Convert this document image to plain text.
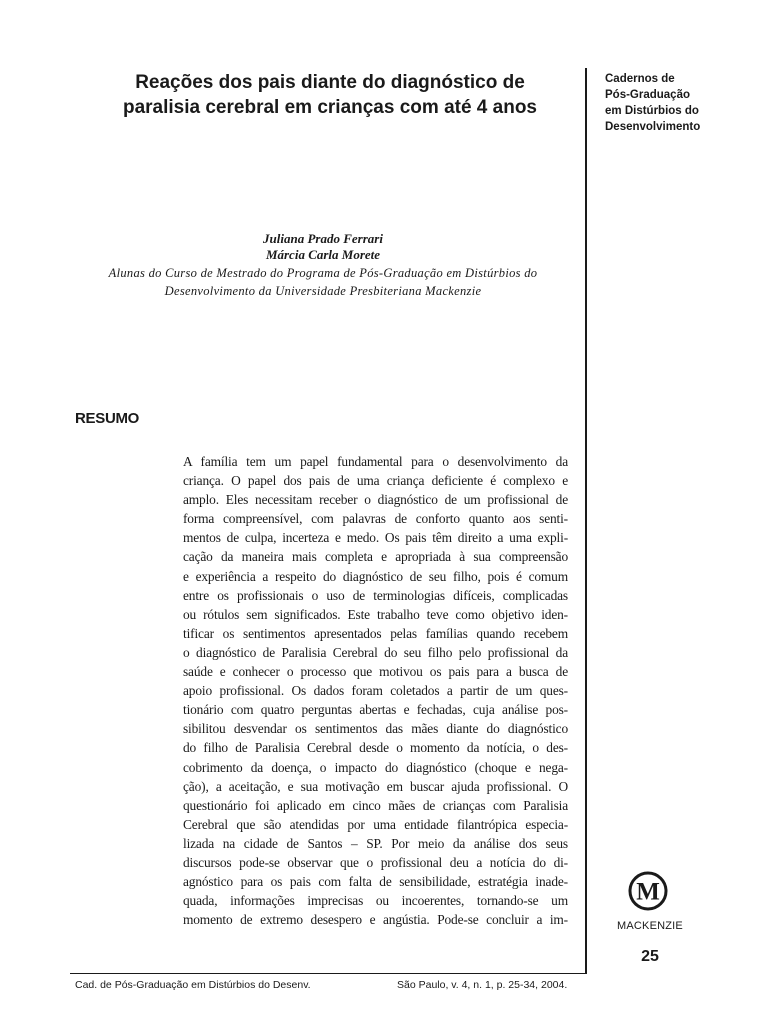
Reações dos pais diante do diagnóstico de
paralisia cerebral em crianças com até 4 anos
Cadernos de
Pós-Graduação
em Distúrbios do
Desenvolvimento
Juliana Prado Ferrari
Márcia Carla Morete
Alunas do Curso de Mestrado do Programa de Pós-Graduação em Distúrbios do
Desenvolvimento da Universidade Presbiteriana Mackenzie
RESUMO
A família tem um papel fundamental para o desenvolvimento da
criança. O papel dos pais de uma criança deficiente é complexo e
amplo. Eles necessitam receber o diagnóstico de um profissional de
forma compreensível, com palavras de conforto quanto aos senti-
mentos de culpa, incerteza e medo. Os pais têm direito a uma expli-
cação da maneira mais completa e apropriada à sua compreensão
e experiência a respeito do diagnóstico de seu filho, pois é comum
entre os profissionais o uso de terminologias difíceis, complicadas
ou rótulos sem significados. Este trabalho teve como objetivo iden-
tificar os sentimentos apresentados pelas famílias quando recebem
o diagnóstico de Paralisia Cerebral do seu filho pelo profissional da
saúde e conhecer o processo que motivou os pais para a busca de
apoio profissional. Os dados foram coletados a partir de um ques-
tionário com quatro perguntas abertas e fechadas, cuja análise pos-
sibilitou desvendar os sentimentos das mães diante do diagnóstico
do filho de Paralisia Cerebral desde o momento da notícia, o des-
cobrimento da doença, o impacto do diagnóstico (choque e nega-
ção), a aceitação, e sua motivação em buscar ajuda profissional. O
questionário foi aplicado em cinco mães de crianças com Paralisia
Cerebral que são atendidas por uma entidade filantrópica especia-
lizada na cidade de Santos – SP. Por meio da análise dos seus
discursos pode-se observar que o profissional deu a notícia do di-
agnóstico para os pais com falta de sensibilidade, estratégia inade-
quada, informações imprecisas ou incoerentes, tornando-se um
momento de extremo desespero e angústia. Pode-se concluir a im-
M
MACKENZIE
25
Cad. de Pós-Graduação em Distúrbios do Desenv.	São Paulo, v. 4, n. 1, p. 25-34, 2004.
